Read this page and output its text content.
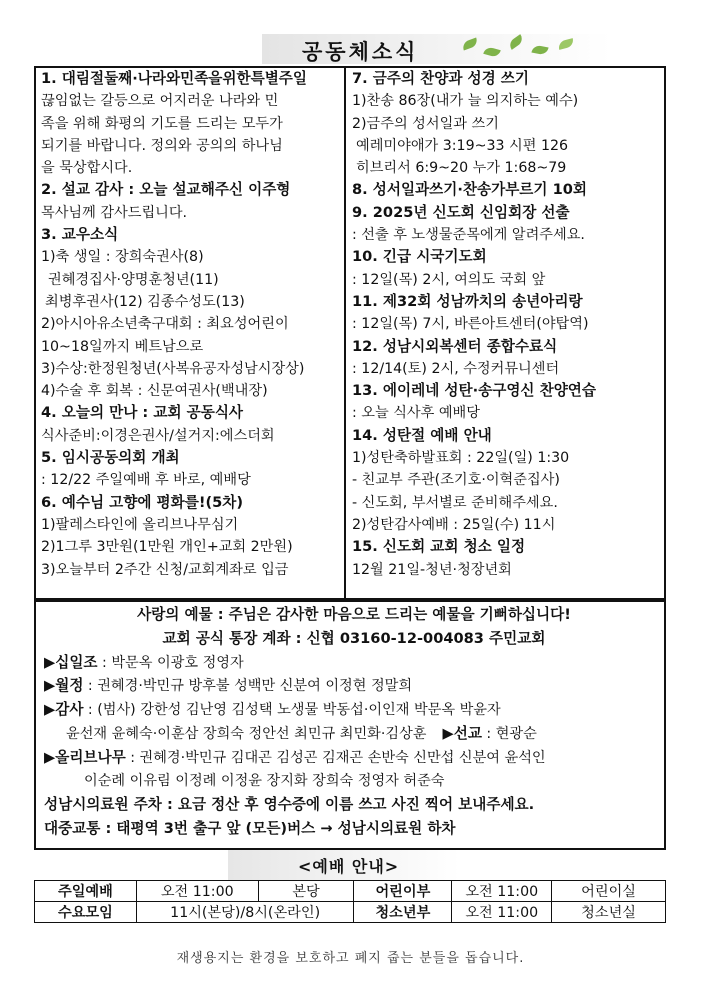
공동체소식
1. 대림절둘째·나라와민족을위한특별주일
끊임없는 갈등으로 어지러운 나라와 민
족을 위해 화평의 기도를 드리는 모두가
되기를 바랍니다. 정의와 공의의 하나님
을 묵상합시다.
2. 설교 감사 : 오늘 설교해주신 이주형
목사님께 감사드립니다.
3. 교우소식
1)축 생일 : 장희숙권사(8)
권혜경집사·양명훈청년(11)
최병후권사(12) 김종수성도(13)
2)아시아유소년축구대회 : 최요성어린이
10~18일까지 베트남으로
3)수상:한정원청년(사복유공자성남시장상)
4)수술 후 회복 : 신문여권사(백내장)
4. 오늘의 만나 : 교회 공동식사
식사준비:이경은권사/설거지:에스더회
5. 임시공동의회 개최
: 12/22 주일예배 후 바로, 예배당
6. 예수님 고향에 평화를!(5차)
1)팔레스타인에 올리브나무심기
2)1그루 3만원(1만원 개인+교회 2만원)
3)오늘부터 2주간 신청/교회계좌로 입금
7. 금주의 찬양과 성경 쓰기
1)찬송 86장(내가 늘 의지하는 예수)
2)금주의 성서일과 쓰기
예레미야애가 3:19~33 시편 126
히브리서 6:9~20 누가 1:68~79
8. 성서일과쓰기·찬송가부르기 10회
9. 2025년 신도회 신임회장 선출
: 선출 후 노생물준목에게 알려주세요.
10. 긴급 시국기도회
: 12일(목) 2시, 여의도 국회 앞
11. 제32회 성남까치의 송년아리랑
: 12일(목) 7시, 바른아트센터(야탑역)
12. 성남시외복센터 종합수료식
: 12/14(토) 2시, 수정커뮤니센터
13. 에이레네 성탄·송구영신 찬양연습
: 오늘 식사후 예배당
14. 성탄절 예배 안내
1)성탄축하발표회 : 22일(일) 1:30
- 친교부 주관(조기호·이혁준집사)
- 신도회, 부서별로 준비해주세요.
2)성탄감사예배 : 25일(수) 11시
15. 신도회 교회 청소 일정
12월 21일-청년·청장년회
사랑의 예물 : 주님은 감사한 마음으로 드리는 예물을 기뻐하십니다!
교회 공식 통장 계좌 : 신협 03160-12-004083 주민교회
▶십일조 : 박문옥 이광호 정영자
▶월정 : 권혜경·박민규 방후불 성백만 신분여 이정현 정말희
▶감사 : (범사) 강한성 김난영 김성택 노생물 박동섭·이인재 박문옥 박윤자
윤선재 윤혜숙·이훈삼 장희숙 정안선 최민규 최민화·김상훈 ▶선교 : 현광순
▶올리브나무 : 권혜경·박민규 김대곤 김성곤 김재곤 손반숙 신만섭 신분여 윤석인
이순례 이유림 이정례 이정윤 장지화 장희숙 정영자 허준숙
성남시의료원 주차 : 요금 정산 후 영수증에 이름 쓰고 사진 찍어 보내주세요.
대중교통 : 태평역 3번 출구 앞 (모든)버스 → 성남시의료원 하차
<예배 안내>
주일예배	오전 11:00	본당	어린이부	오전 11:00	어린이실
수요모임	11시(본당)/8시(온라인)		청소년부	오전 11:00	청소년실
재생용지는 환경을 보호하고 폐지 줍는 분들을 돕습니다.
